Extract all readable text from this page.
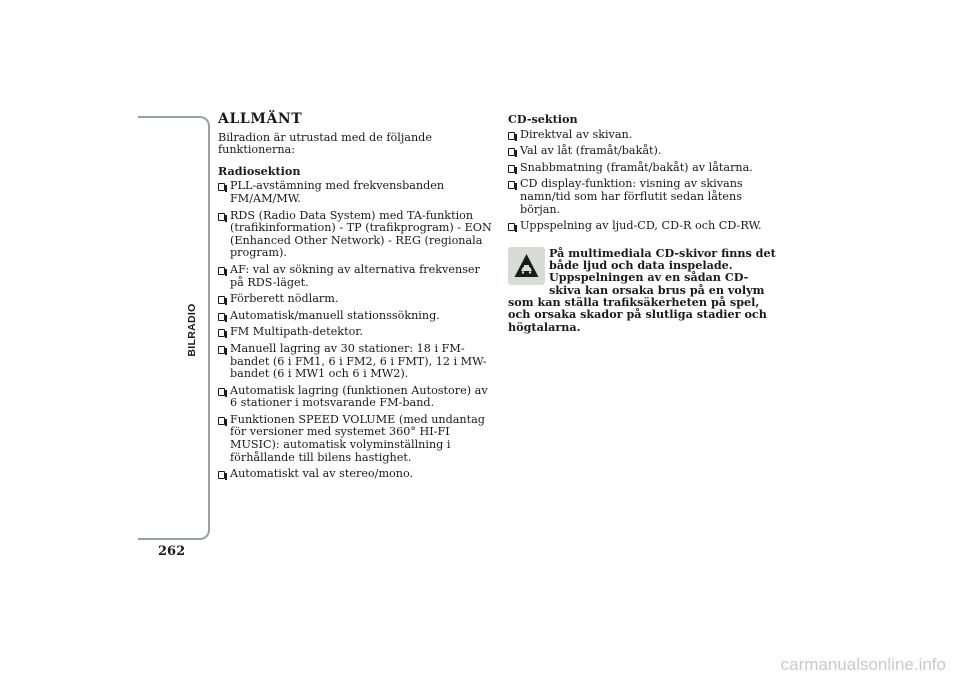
BILRADIO
262
ALLMÄNT
Bilradion är utrustad med de följande funktionerna:
Radiosektion
PLL-avstämning med frekvensbanden FM/AM/MW.
RDS (Radio Data System) med TA-funktion (trafikinformation) - TP (trafikprogram) - EON (Enhanced Other Network) - REG (regionala program).
AF: val av sökning av alternativa frekvenser på RDS-läget.
Förberett nödlarm.
Automatisk/manuell stationssökning.
FM Multipath-detektor.
Manuell lagring av 30 stationer: 18 i FM-bandet (6 i FM1, 6 i FM2, 6 i FMT), 12 i MW-bandet (6 i MW1 och 6 i MW2).
Automatisk lagring (funktionen Autostore) av 6 stationer i motsvarande FM-band.
Funktionen SPEED VOLUME (med undantag för versioner med systemet 360° HI-FI MUSIC): automatisk volyminställning i förhållande till bilens hastighet.
Automatiskt val av stereo/mono.
CD-sektion
Direktval av skivan.
Val av låt (framåt/bakåt).
Snabbmatning (framåt/bakåt) av låtarna.
CD display-funktion: visning av skivans namn/tid som har förflutit sedan låtens början.
Uppspelning av ljud-CD, CD-R och CD-RW.
På multimediala CD-skivor finns det både ljud och data inspelade. Uppspelningen av en sådan CD-skiva kan orsaka brus på en volym som kan ställa trafiksäkerheten på spel, och orsaka skador på slutliga stadier och högtalarna.
carmanualsonline.info
